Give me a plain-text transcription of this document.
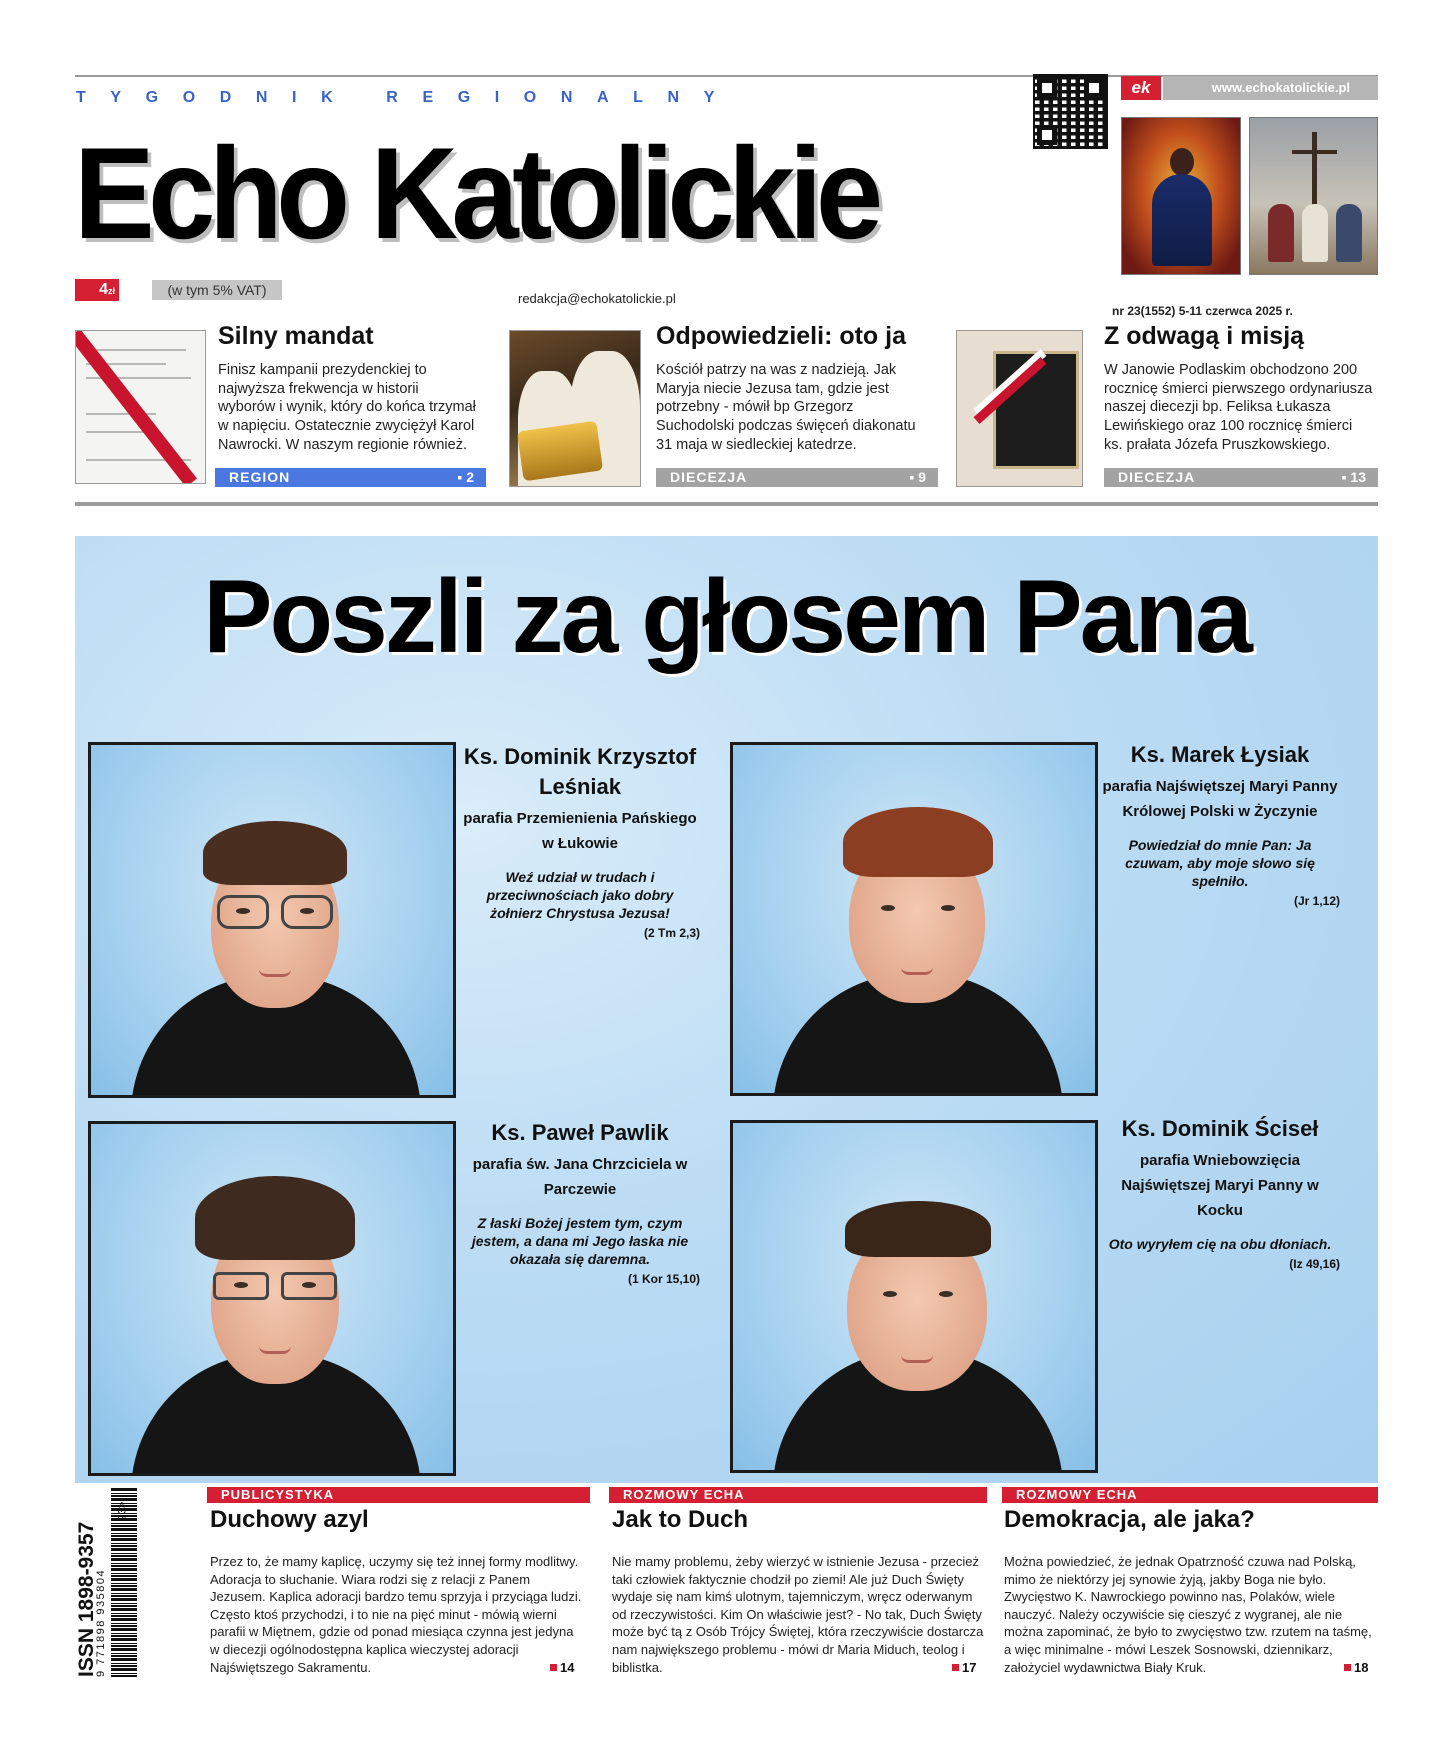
TYGODNIK REGIONALNY
Echo Katolickie
4zł	(w tym 5% VAT)
redakcja@echokatolickie.pl
ek	www.echokatolickie.pl
nr 23(1552) 5-11 czerwca 2025 r.
Silny mandat
Finisz kampanii prezydenckiej to najwyższa frekwencja w historii wyborów i wynik, który do końca trzymał w napięciu. Ostatecznie zwyciężył Karol Nawrocki. W naszym regionie również.
REGION	▪ 2
Odpowiedzieli: oto ja
Kościół patrzy na was z nadzieją. Jak Maryja niecie Jezusa tam, gdzie jest potrzebny - mówił bp Grzegorz Suchodolski podczas święceń diakonatu 31 maja w siedleckiej katedrze.
DIECEZJA	▪ 9
Z odwagą i misją
W Janowie Podlaskim obchodzono 200 rocznicę śmierci pierwszego ordynariusza naszej diecezji bp. Feliksa Łukasza Lewińskiego oraz 100 rocznicę śmierci ks. prałata Józefa Pruszkowskiego.
DIECEZJA	▪ 13
Poszli za głosem Pana
Ks. Dominik Krzysztof Leśniak
parafia Przemienienia Pańskiego w Łukowie
Weź udział w trudach i przeciwnościach jako dobry żołnierz Chrystusa Jezusa!
(2 Tm 2,3)
Ks. Marek Łysiak
parafia Najświętszej Maryi Panny Królowej Polski w Życzynie
Powiedział do mnie Pan: Ja czuwam, aby moje słowo się spełniło.
(Jr 1,12)
Ks. Paweł Pawlik
parafia św. Jana Chrzciciela w Parczewie
Z łaski Bożej jestem tym, czym jestem, a dana mi Jego łaska nie okazała się daremna.
(1 Kor 15,10)
Ks. Dominik Ściseł
parafia Wniebowzięcia Najświętszej Maryi Panny w Kocku
Oto wyryłem cię na obu dłoniach.
(Iz 49,16)
ISSN 1898-9357
9 771898 935804
23>
PUBLICYSTYKA
Duchowy azyl
Przez to, że mamy kaplicę, uczymy się też innej formy modlitwy. Adoracja to słuchanie. Wiara rodzi się z relacji z Panem Jezusem. Kaplica adoracji bardzo temu sprzyja i przyciąga ludzi. Często ktoś przychodzi, i to nie na pięć minut - mówią wierni parafii w Miętnem, gdzie od ponad miesiąca czynna jest jedyna w diecezji ogólnodostępna kaplica wieczystej adoracji Najświętszego Sakramentu.	14
ROZMOWY ECHA
Jak to Duch
Nie mamy problemu, żeby wierzyć w istnienie Jezusa - przecież taki człowiek faktycznie chodził po ziemi! Ale już Duch Święty wydaje się nam kimś ulotnym, tajemniczym, wręcz oderwanym od rzeczywistości. Kim On właściwie jest? - No tak, Duch Święty może być tą z Osób Trójcy Świętej, która rzeczywiście dostarcza nam największego problemu - mówi dr Maria Miduch, teolog i biblistka.	17
ROZMOWY ECHA
Demokracja, ale jaka?
Można powiedzieć, że jednak Opatrzność czuwa nad Polską, mimo że niektórzy jej synowie żyją, jakby Boga nie było. Zwycięstwo K. Nawrockiego powinno nas, Polaków, wiele nauczyć. Należy oczywiście się cieszyć z wygranej, ale nie można zapominać, że było to zwycięstwo tzw. rzutem na taśmę, a więc minimalne - mówi Leszek Sosnowski, dziennikarz, założyciel wydawnictwa Biały Kruk.	18
